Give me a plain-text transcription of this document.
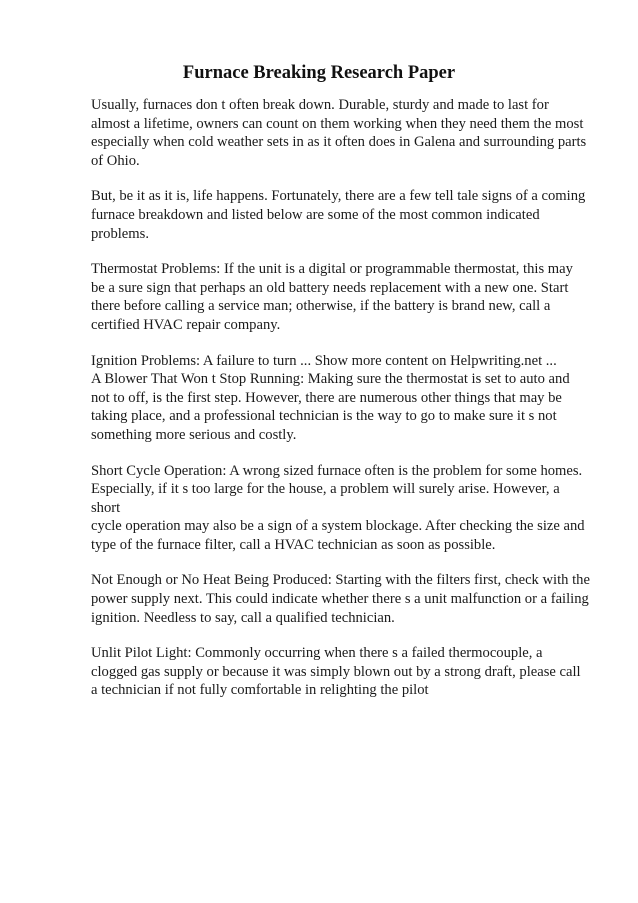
Furnace Breaking Research Paper

Usually, furnaces don t often break down. Durable, sturdy and made to last for
almost a lifetime, owners can count on them working when they need them the most
especially when cold weather sets in as it often does in Galena and surrounding parts
of Ohio.

But, be it as it is, life happens. Fortunately, there are a few tell tale signs of a coming
furnace breakdown and listed below are some of the most common indicated
problems.

Thermostat Problems: If the unit is a digital or programmable thermostat, this may
be a sure sign that perhaps an old battery needs replacement with a new one. Start
there before calling a service man; otherwise, if the battery is brand new, call a
certified HVAC repair company.

Ignition Problems: A failure to turn ... Show more content on Helpwriting.net ...
A Blower That Won t Stop Running: Making sure the thermostat is set to auto and
not to off, is the first step. However, there are numerous other things that may be
taking place, and a professional technician is the way to go to make sure it s not
something more serious and costly.

Short Cycle Operation: A wrong sized furnace often is the problem for some homes.
Especially, if it s too large for the house, a problem will surely arise. However, a short
cycle operation may also be a sign of a system blockage. After checking the size and
type of the furnace filter, call a HVAC technician as soon as possible.

Not Enough or No Heat Being Produced: Starting with the filters first, check with the
power supply next. This could indicate whether there s a unit malfunction or a failing
ignition. Needless to say, call a qualified technician.

Unlit Pilot Light: Commonly occurring when there s a failed thermocouple, a
clogged gas supply or because it was simply blown out by a strong draft, please call
a technician if not fully comfortable in relighting the pilot
